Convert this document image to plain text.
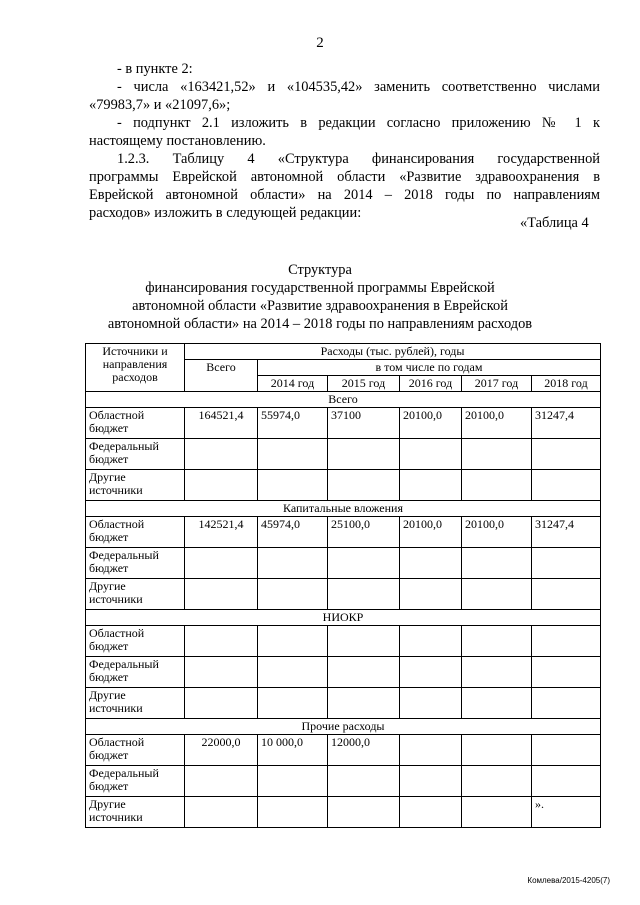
2
- в пункте 2:
- числа «163421,52» и «104535,42» заменить соответственно числами
«79983,7» и «21097,6»;
- подпункт 2.1 изложить в редакции согласно приложению № 1 к
настоящему постановлению.
1.2.3. Таблицу 4 «Структура финансирования государственной
программы Еврейской автономной области «Развитие здравоохранения в
Еврейской автономной области» на 2014 – 2018 годы по направлениям
расходов» изложить в следующей редакции:
«Таблица 4
Структура
финансирования государственной программы Еврейской
автономной области «Развитие здравоохранения в Еврейской
автономной области» на 2014 – 2018 годы по направлениям расходов
Источники и направления расходов	Расходы (тыс. рублей), годы					
	Всего	в том числе по годам				
		2014 год	2015 год	2016 год	2017 год	2018 год
Всего						
Областной бюджет	164521,4	55974,0	37100	20100,0	20100,0	31247,4
Федеральный бюджет						
Другие источники						
Капитальные вложения						
Областной бюджет	142521,4	45974,0	25100,0	20100,0	20100,0	31247,4
Федеральный бюджет						
Другие источники						
НИОКР						
Областной бюджет						
Федеральный бюджет						
Другие источники						
Прочие расходы						
Областной бюджет	22000,0	10 000,0	12000,0			
Федеральный бюджет						
Другие источники						».
Комлева/2015-4205(7)
